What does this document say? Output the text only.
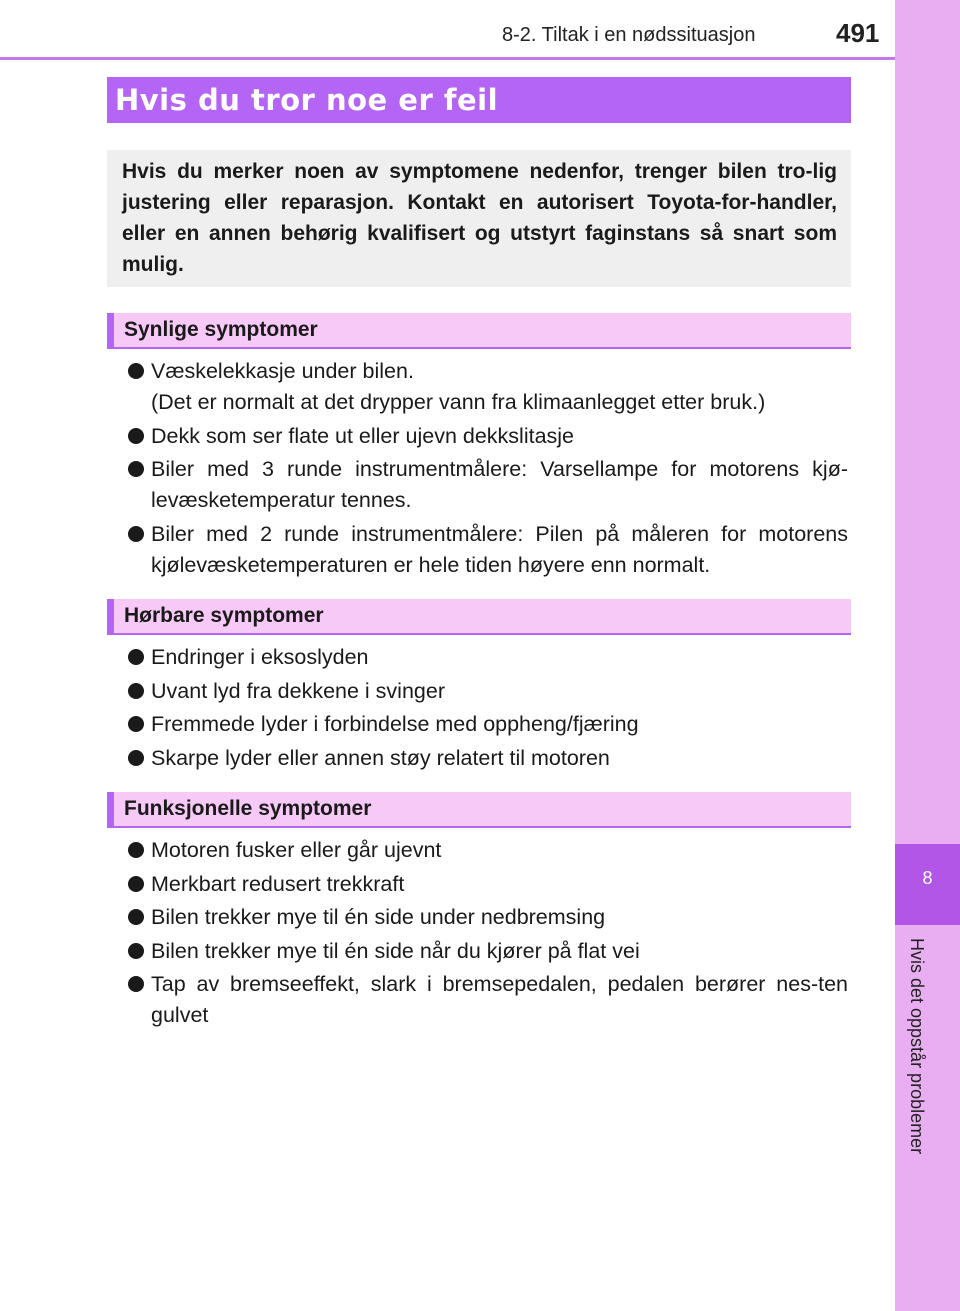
8-2. Tiltak i en nødssituasjon	491
8
Hvis det oppstår problemer
Hvis du tror noe er feil
Hvis du merker noen av symptomene nedenfor, trenger bilen tro-lig justering eller reparasjon. Kontakt en autorisert Toyota-for-handler, eller en annen behørig kvalifisert og utstyrt faginstans så snart som mulig.
Synlige symptomer
Væskelekkasje under bilen.
(Det er normalt at det drypper vann fra klimaanlegget etter bruk.)
Dekk som ser flate ut eller ujevn dekkslitasje
Biler med 3 runde instrumentmålere: Varsellampe for motorens kjø-levæsketemperatur tennes.
Biler med 2 runde instrumentmålere: Pilen på måleren for motorens kjølevæsketemperaturen er hele tiden høyere enn normalt.
Hørbare symptomer
Endringer i eksoslyden
Uvant lyd fra dekkene i svinger
Fremmede lyder i forbindelse med oppheng/fjæring
Skarpe lyder eller annen støy relatert til motoren
Funksjonelle symptomer
Motoren fusker eller går ujevnt
Merkbart redusert trekkraft
Bilen trekker mye til én side under nedbremsing
Bilen trekker mye til én side når du kjører på flat vei
Tap av bremseeffekt, slark i bremsepedalen, pedalen berører nes-ten gulvet
